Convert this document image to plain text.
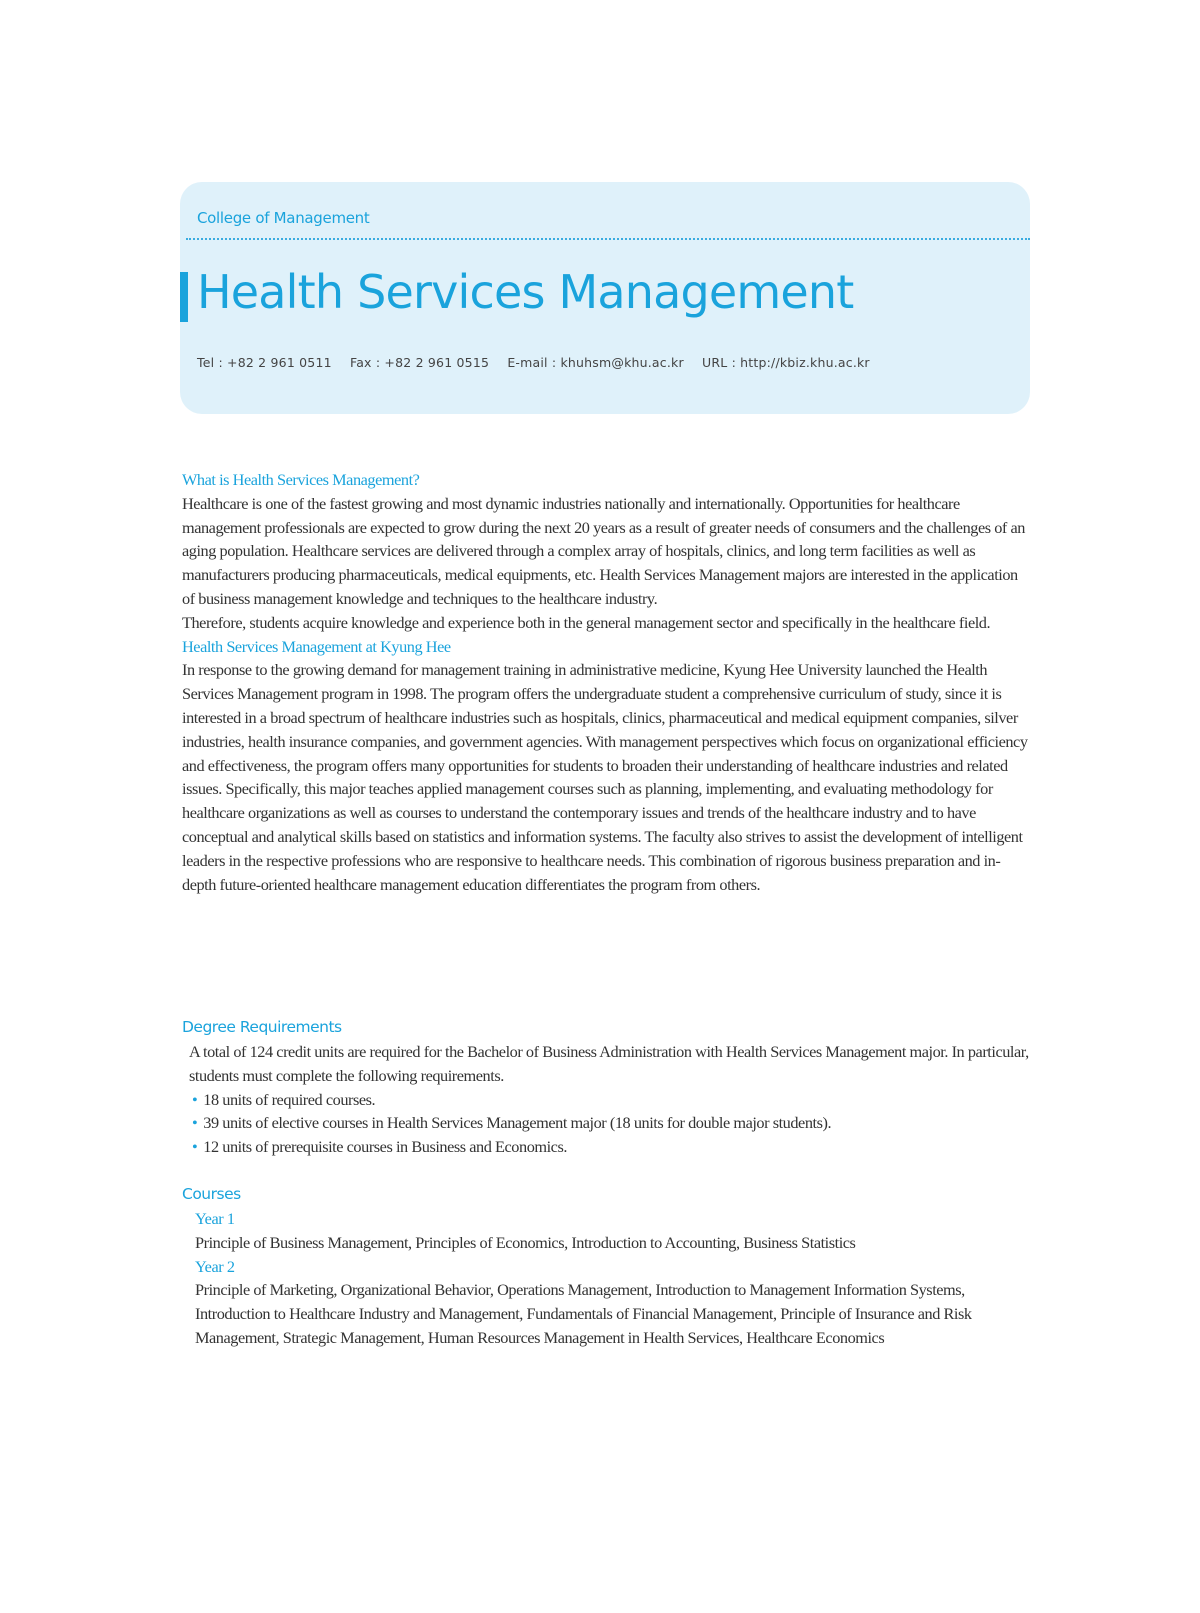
College of Management
Health Services Management
Tel : +82 2 961 0511 Fax : +82 2 961 0515 E-mail : khuhsm@khu.ac.kr URL : http://kbiz.khu.ac.kr
What is Health Services Management?

Healthcare is one of the fastest growing and most dynamic industries nationally and internationally. Opportunities for healthcare management professionals are expected to grow during the next 20 years as a result of greater needs of consumers and the challenges of an aging population. Healthcare services are delivered through a complex array of hospitals, clinics, and long term facilities as well as manufacturers producing pharmaceuticals, medical equipments, etc. Health Services Management majors are interested in the application of business management knowledge and techniques to the healthcare industry.

Therefore, students acquire knowledge and experience both in the general management sector and specifically in the healthcare field.

Health Services Management at Kyung Hee

In response to the growing demand for management training in administrative medicine, Kyung Hee University launched the Health Services Management program in 1998. The program offers the undergraduate student a comprehensive curriculum of study, since it is interested in a broad spectrum of healthcare industries such as hospitals, clinics, pharmaceutical and medical equipment companies, silver industries, health insurance companies, and government agencies. With management perspectives which focus on organizational efficiency and effectiveness, the program offers many opportunities for students to broaden their understanding of healthcare industries and related issues. Specifically, this major teaches applied management courses such as planning, implementing, and evaluating methodology for healthcare organizations as well as courses to understand the contemporary issues and trends of the healthcare industry and to have conceptual and analytical skills based on statistics and information systems. The faculty also strives to assist the development of intelligent leaders in the respective professions who are responsive to healthcare needs. This combination of rigorous business preparation and in-depth future-oriented healthcare management education differentiates the program from others.

Degree Requirements

A total of 124 credit units are required for the Bachelor of Business Administration with Health Services Management major. In particular, students must complete the following requirements.

• 18 units of required courses.
• 39 units of elective courses in Health Services Management major (18 units for double major students).
• 12 units of prerequisite courses in Business and Economics.
Courses
Year 1

Principle of Business Management, Principles of Economics, Introduction to Accounting, Business Statistics

Year 2

Principle of Marketing, Organizational Behavior, Operations Management, Introduction to Management Information Systems, Introduction to Healthcare Industry and Management, Fundamentals of Financial Management, Principle of Insurance and Risk Management, Strategic Management, Human Resources Management in Health Services, Healthcare Economics
